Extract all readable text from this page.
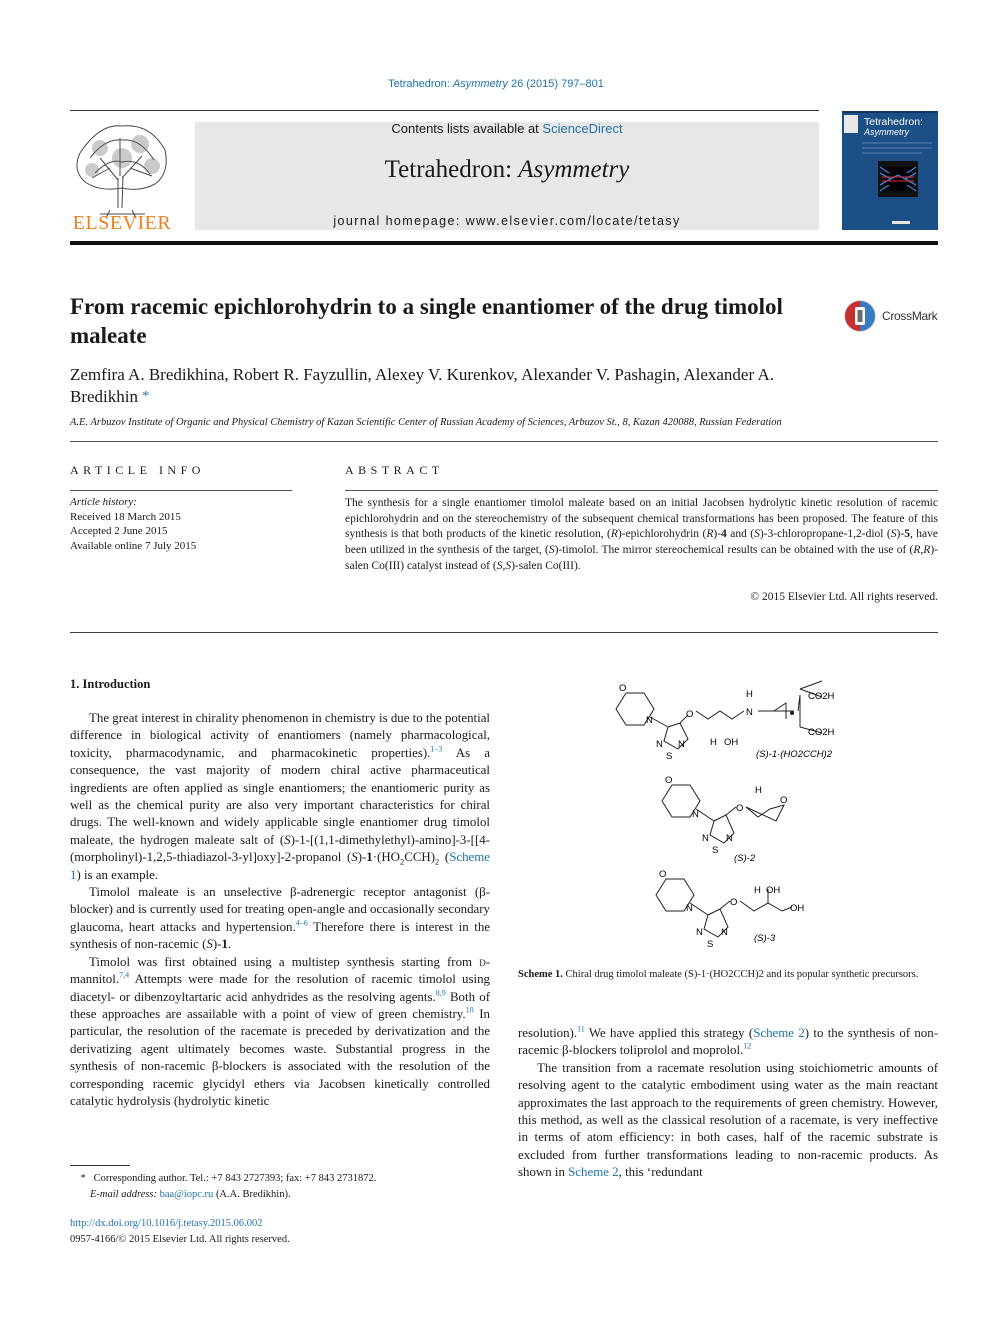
Tetrahedron: Asymmetry 26 (2015) 797–801
ELSEVIER
Contents lists available at ScienceDirect
Tetrahedron: Asymmetry
journal homepage: www.elsevier.com/locate/tetasy
Tetrahedron:
Asymmetry
From racemic epichlorohydrin to a single enantiomer of the drug timolol maleate
CrossMark
Zemfira A. Bredikhina, Robert R. Fayzullin, Alexey V. Kurenkov, Alexander V. Pashagin, Alexander A. Bredikhin *
A.E. Arbuzov Institute of Organic and Physical Chemistry of Kazan Scientific Center of Russian Academy of Sciences, Arbuzov St., 8, Kazan 420088, Russian Federation
ARTICLE INFO
Article history:
Received 18 March 2015
Accepted 2 June 2015
Available online 7 July 2015
ABSTRACT
The synthesis for a single enantiomer timolol maleate based on an initial Jacobsen hydrolytic kinetic resolution of racemic epichlorohydrin and on the stereochemistry of the subsequent chemical transformations has been proposed. The feature of this synthesis is that both products of the kinetic resolution, (R)-epichlorohydrin (R)-4 and (S)-3-chloropropane-1,2-diol (S)-5, have been utilized in the synthesis of the target, (S)-timolol. The mirror stereochemical results can be obtained with the use of (R,R)-salen Co(III) catalyst instead of (S,S)-salen Co(III).
© 2015 Elsevier Ltd. All rights reserved.
1. Introduction

The great interest in chirality phenomenon in chemistry is due to the potential difference in biological activity of enantiomers (namely pharmacological, toxicity, pharmacodynamic, and pharmacokinetic properties).$^{1-3}$ As a consequence, the vast majority of modern chiral active pharmaceutical ingredients are often applied as single enantiomers; the enantiomeric purity as well as the chemical purity are also very important characteristics for chiral drugs. The well-known and widely applicable single enantiomer drug timolol maleate, the hydrogen maleate salt of (S)-1-[(1,1-dimethylethyl)-amino]-3-[[4-(morpholinyl)-1,2,5-thiadiazol-3-yl]oxy]-2-propanol $(S)-1\cdot(HO_2CCH)_2$ (Scheme 1) is an example.

Timolol maleate is an unselective β-adrenergic receptor antagonist (β-blocker) and is currently used for treating open-angle and occasionally secondary glaucoma, heart attacks and hypertension.$^{4-6}$ Therefore there is interest in the synthesis of non-racemic (S)-1.

Timolol was first obtained using a multistep synthesis starting from d-mannitol.$^{7,4}$ Attempts were made for the resolution of racemic timolol using diacetyl- or dibenzoyltartaric acid anhydrides as the resolving agents.$^{8,9}$ Both of these approaches are assailable with a point of view of green chemistry.$^{10}$ In particular, the resolution of the racemate is preceded by derivatization and the derivatizing agent ultimately becomes waste. Substantial progress in the synthesis of non-racemic β-blockers is associated with the resolution of the corresponding racemic glycidyl ethers via Jacobsen kinetically controlled catalytic hydrolysis (hydrolytic kinetic

resolution).$^{11}$ We have applied this strategy (Scheme 2) to the synthesis of non-racemic β-blockers toliprolol and moprolol.$^{12}$

The transition from a racemate resolution using stoichiometric amounts of resolving agent to the catalytic embodiment using water as the main reactant approximates the last approach to the requirements of green chemistry. However, this method, as well as the classical resolution of a racemate, is very ineffective in terms of atom efficiency: in both cases, half of the racemic substrate is excluded from further transformations leading to non-racemic products. As shown in Scheme 2, this ‘redundant

O
N
N N
S
O
H OH
H
N
CO2H
CO2H
(S)-1·(HO2CCH)2
O
N
N N
S
O
H
O
(S)-2
O
N
N N
S
O
H OH
OH
(S)-3
Scheme 1. Chiral drug timolol maleate (S)-1·(HO2CCH)2 and its popular synthetic precursors.
*   Corresponding author. Tel.: +7 843 2727393; fax: +7 843 2731872.
E-mail address: baa@iopc.ru (A.A. Bredikhin).
http://dx.doi.org/10.1016/j.tetasy.2015.06.002
0957-4166/© 2015 Elsevier Ltd. All rights reserved.
